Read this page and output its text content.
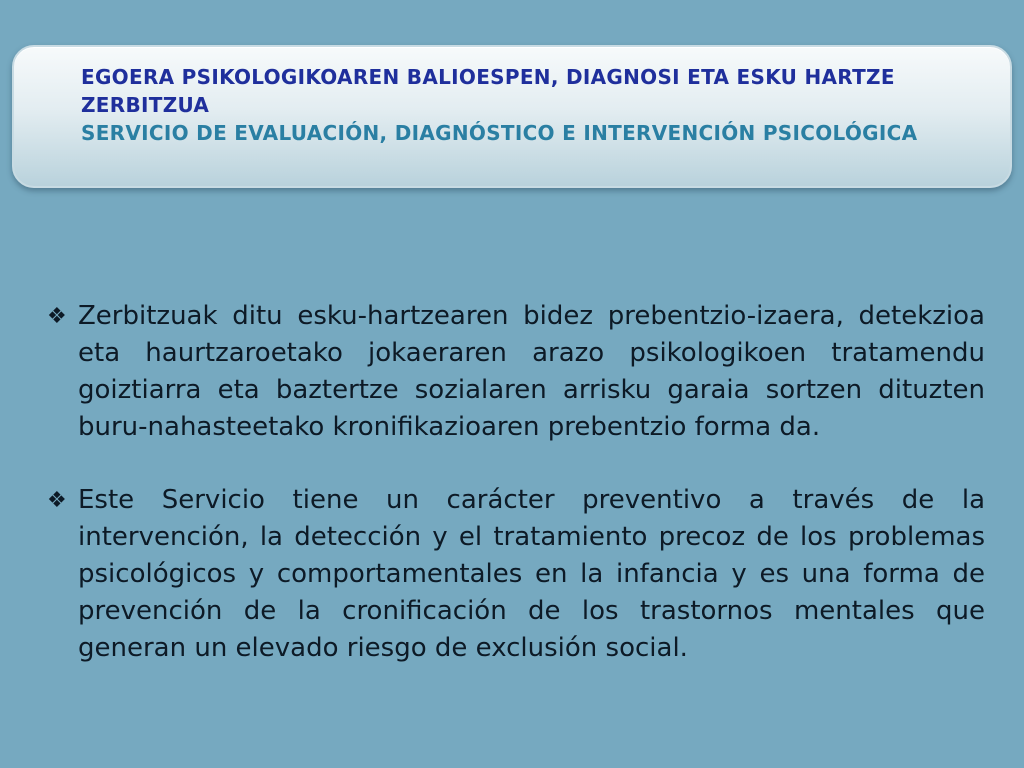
EGOERA PSIKOLOGIKOAREN BALIOESPEN, DIAGNOSI ETA ESKU HARTZE ZERBITZUA
SERVICIO DE EVALUACIÓN, DIAGNÓSTICO E INTERVENCIÓN PSICOLÓGICA

❖ Zerbitzuak ditu esku-hartzearen bidez prebentzio-izaera, detekzioa eta haurtzaroetako jokaeraren arazo psikologikoen tratamendu goiztiarra eta baztertze sozialaren arrisku garaia sortzen dituzten buru-nahasteetako kronifikazioaren prebentzio forma da.

❖ Este Servicio tiene un carácter preventivo a través de la intervención, la detección y el tratamiento precoz de los problemas psicológicos y comportamentales en la infancia y es una forma de prevención de la cronificación de los trastornos mentales que generan un elevado riesgo de exclusión social.
